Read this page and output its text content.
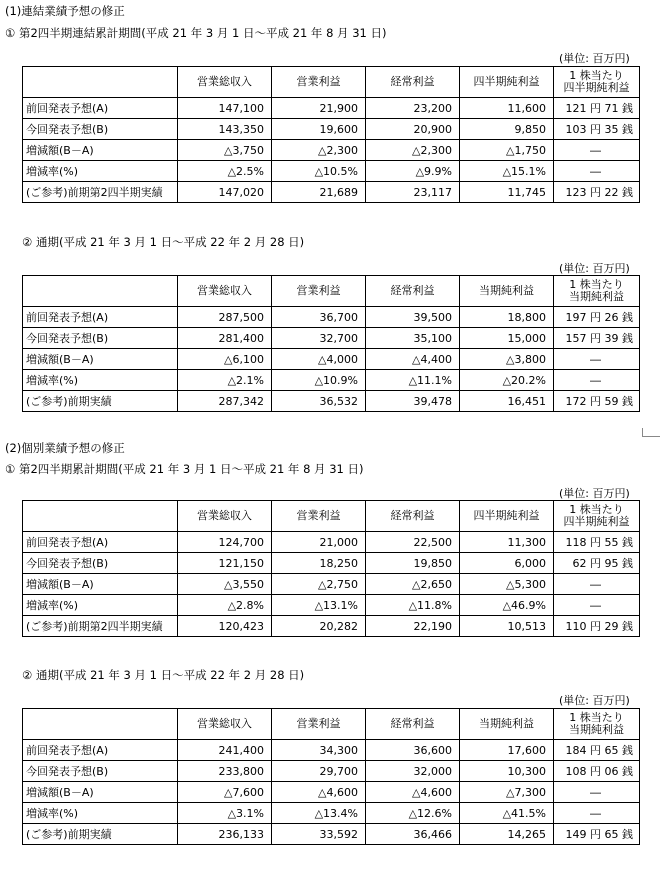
(1)連結業績予想の修正
① 第2四半期連結累計期間(平成 21 年 3 月 1 日～平成 21 年 8 月 31 日)
(単位: 百万円)
	営業総収入	営業利益	経常利益	四半期純利益	1 株当たり
四半期純利益
前回発表予想(A)	147,100	21,900	23,200	11,600	121 円 71 銭
今回発表予想(B)	143,350	19,600	20,900	9,850	103 円 35 銭
増減額(B－A)	△3,750	△2,300	△2,300	△1,750	―
増減率(%)	△2.5%	△10.5%	△9.9%	△15.1%	―
(ご参考)前期第2四半期実績	147,020	21,689	23,117	11,745	123 円 22 銭
② 通期(平成 21 年 3 月 1 日～平成 22 年 2 月 28 日)
(単位: 百万円)
	営業総収入	営業利益	経常利益	当期純利益	1 株当たり
当期純利益
前回発表予想(A)	287,500	36,700	39,500	18,800	197 円 26 銭
今回発表予想(B)	281,400	32,700	35,100	15,000	157 円 39 銭
増減額(B－A)	△6,100	△4,000	△4,400	△3,800	―
増減率(%)	△2.1%	△10.9%	△11.1%	△20.2%	―
(ご参考)前期実績	287,342	36,532	39,478	16,451	172 円 59 銭
(2)個別業績予想の修正
① 第2四半期累計期間(平成 21 年 3 月 1 日～平成 21 年 8 月 31 日)
(単位: 百万円)
	営業総収入	営業利益	経常利益	四半期純利益	1 株当たり
四半期純利益
前回発表予想(A)	124,700	21,000	22,500	11,300	118 円 55 銭
今回発表予想(B)	121,150	18,250	19,850	6,000	62 円 95 銭
増減額(B－A)	△3,550	△2,750	△2,650	△5,300	―
増減率(%)	△2.8%	△13.1%	△11.8%	△46.9%	―
(ご参考)前期第2四半期実績	120,423	20,282	22,190	10,513	110 円 29 銭
② 通期(平成 21 年 3 月 1 日～平成 22 年 2 月 28 日)
(単位: 百万円)
	営業総収入	営業利益	経常利益	当期純利益	1 株当たり
当期純利益
前回発表予想(A)	241,400	34,300	36,600	17,600	184 円 65 銭
今回発表予想(B)	233,800	29,700	32,000	10,300	108 円 06 銭
増減額(B－A)	△7,600	△4,600	△4,600	△7,300	―
増減率(%)	△3.1%	△13.4%	△12.6%	△41.5%	―
(ご参考)前期実績	236,133	33,592	36,466	14,265	149 円 65 銭
